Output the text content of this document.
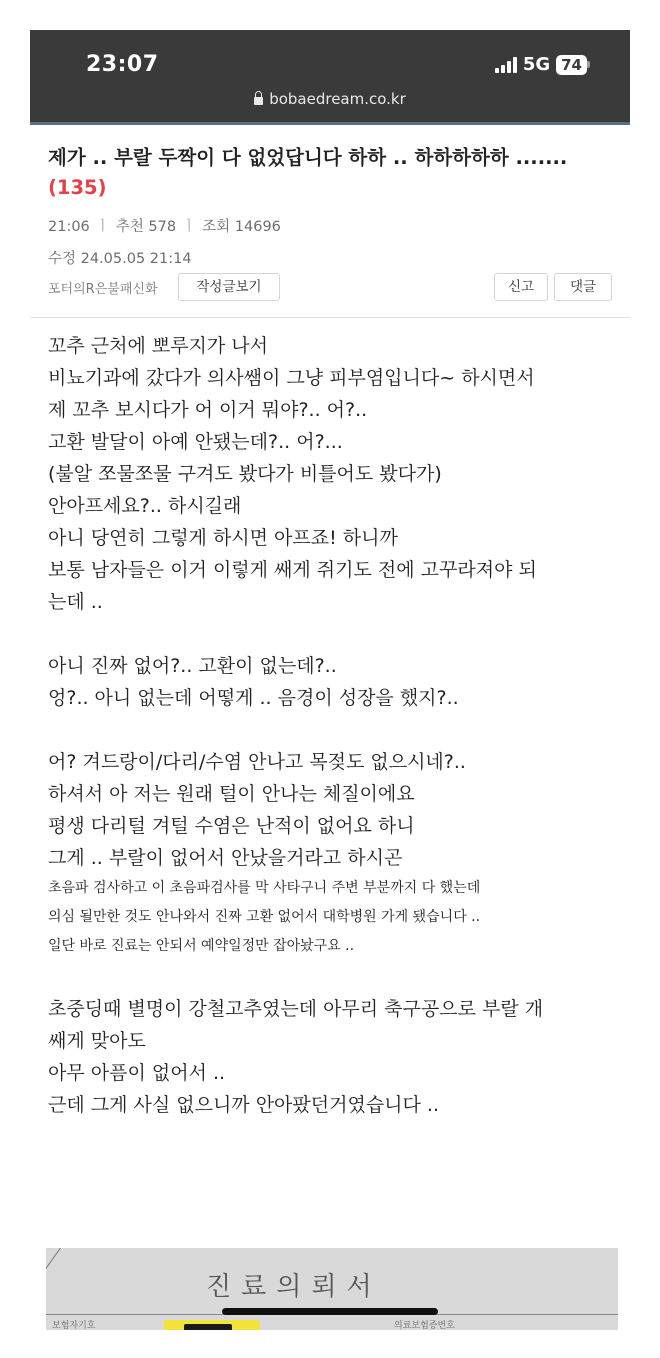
23:07	5G 74
bobaedream.co.kr
제가 .. 부랄 두짝이 다 없었답니다 하하 .. 하하하하하 .......
(135)
21:06 ㅣ 추천 578 ㅣ 조회 14696
수정 24.05.05 21:14
포터의R은불패신화	작성글보기	신고	댓글

꼬추 근처에 뽀루지가 나서

비뇨기과에 갔다가 의사쌤이 그냥 피부염입니다~ 하시면서

제 꼬추 보시다가 어 이거 뭐야?.. 어?..

고환 발달이 아예 안됐는데?.. 어?...

(불알 쪼물쪼물 구겨도 봤다가 비틀어도 봤다가)

안아프세요?.. 하시길래

아니 당연히 그렇게 하시면 아프죠! 하니까

보통 남자들은 이거 이렇게 쌔게 쥐기도 전에 고꾸라져야 되

는데 ..

아니 진짜 없어?.. 고환이 없는데?..

엉?.. 아니 없는데 어떻게 .. 음경이 성장을 했지?..

어? 겨드랑이/다리/수염 안나고 목젖도 없으시네?..

하셔서 아 저는 원래 털이 안나는 체질이에요

평생 다리털 겨털 수염은 난적이 없어요 하니

그게 .. 부랄이 없어서 안났을거라고 하시곤

초음파 검사하고 이 초음파검사를 막 사타구니 주변 부분까지 다 했는데

의심 될만한 것도 안나와서 진짜 고환 없어서 대학병원 가게 됐습니다 ..

일단 바로 진료는 안되서 예약일정만 잡아놨구요 ..

초중딩때 별명이 강철고추였는데 아무리 축구공으로 부랄 개

쌔게 맞아도

아무 아픔이 없어서 ..

근데 그게 사실 없으니까 안아팠던거였습니다 ..

진료의뢰서
보험자기호	의료보험증번호
